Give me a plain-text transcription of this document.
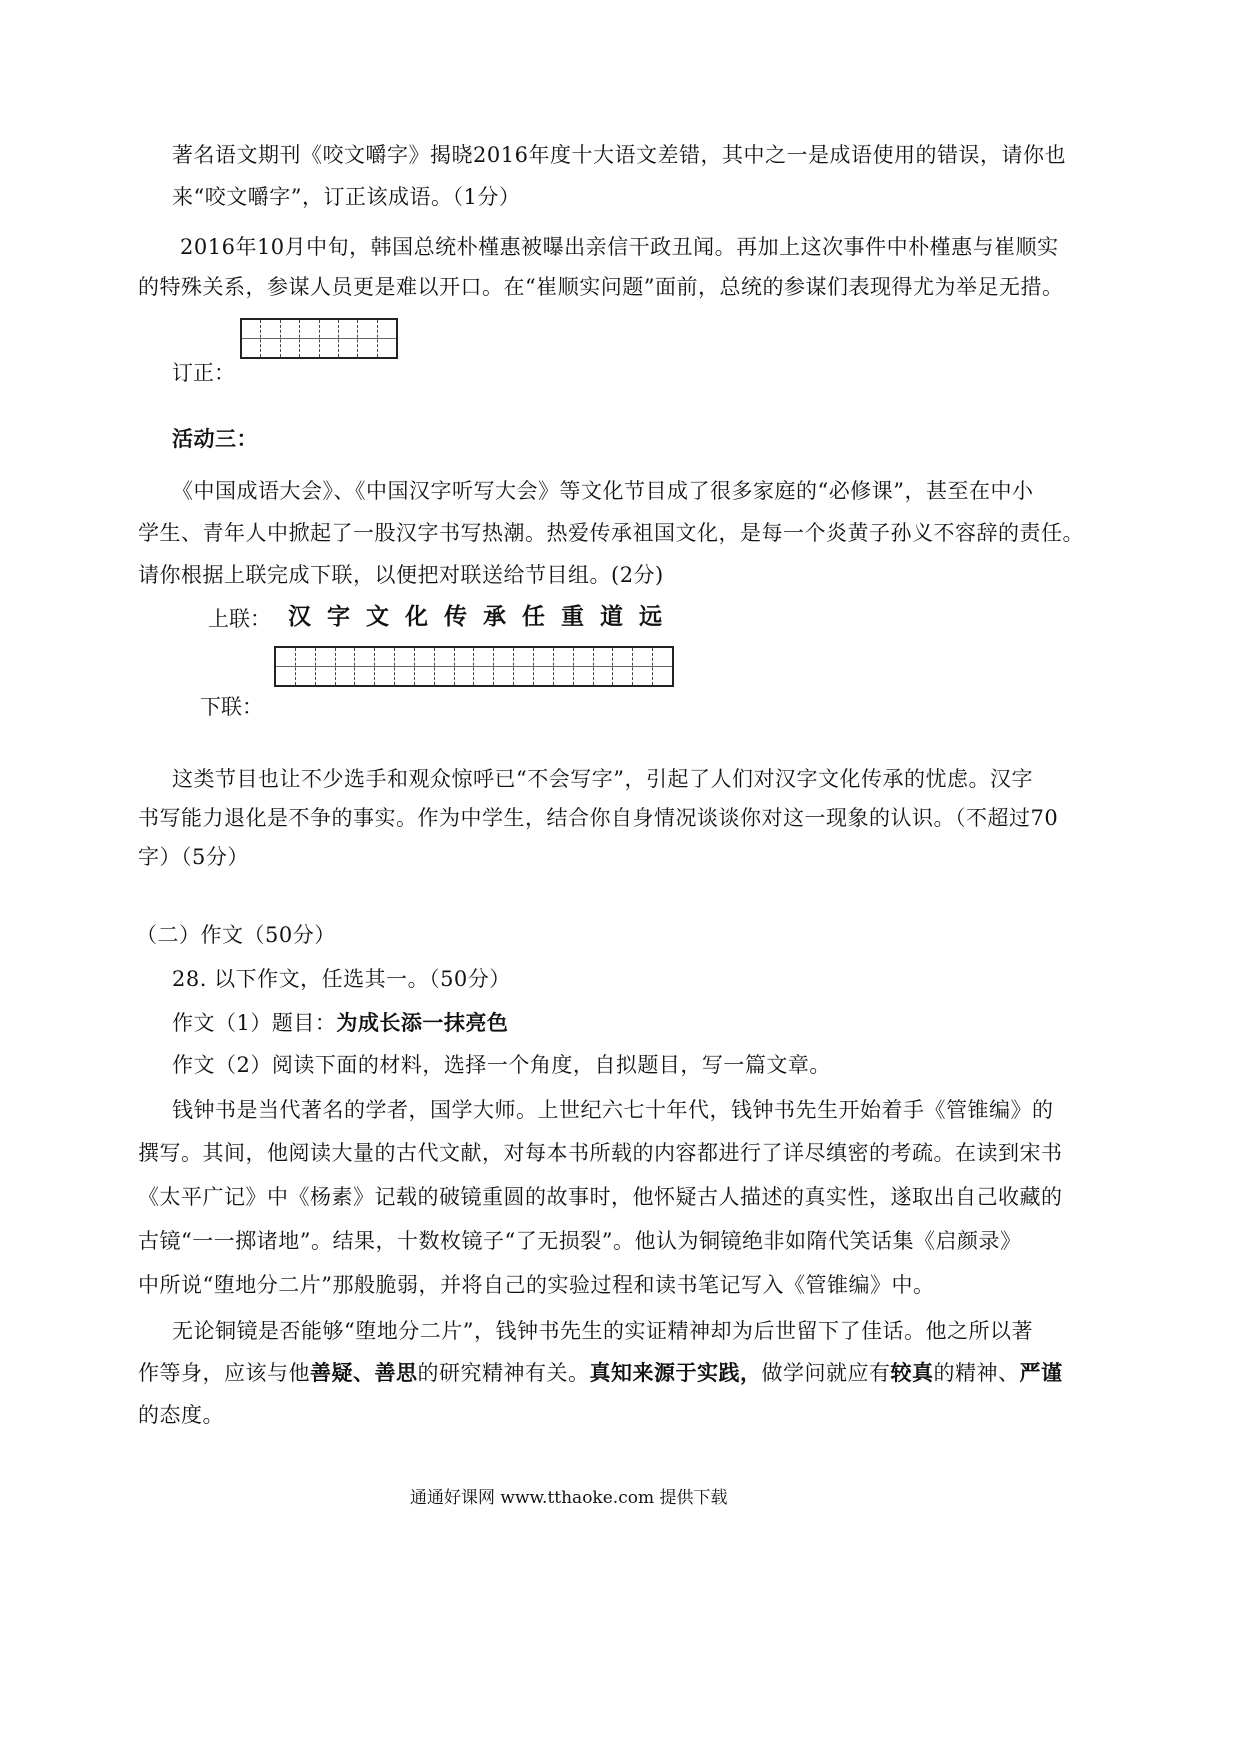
著名语文期刊《咬文嚼字》揭晓2016年度十大语文差错，其中之一是成语使用的错误，请你也
来“咬文嚼字”，订正该成语。（1分）
2016年10月中旬，韩国总统朴槿惠被曝出亲信干政丑闻。再加上这次事件中朴槿惠与崔顺实
的特殊关系，参谋人员更是难以开口。在“崔顺实问题”面前，总统的参谋们表现得尤为举足无措。
订正：
活动三：
《中国成语大会》、《中国汉字听写大会》等文化节目成了很多家庭的“必修课”，甚至在中小
学生、青年人中掀起了一股汉字书写热潮。热爱传承祖国文化，是每一个炎黄子孙义不容辞的责任。
请你根据上联完成下联，以便把对联送给节目组。(2分)
上联： 汉 字 文 化 传 承 任 重 道 远
下联：
这类节目也让不少选手和观众惊呼已“不会写字”，引起了人们对汉字文化传承的忧虑。汉字
书写能力退化是不争的事实。作为中学生，结合你自身情况谈谈你对这一现象的认识。（不超过70
字）（5分）
（二）作文（50分）
28. 以下作文，任选其一。（50分）
作文（1）题目：为成长添一抹亮色
作文（2）阅读下面的材料，选择一个角度，自拟题目，写一篇文章。
钱钟书是当代著名的学者，国学大师。上世纪六七十年代，钱钟书先生开始着手《管锥编》的
撰写。其间，他阅读大量的古代文献，对每本书所载的内容都进行了详尽缜密的考疏。在读到宋书
《太平广记》中《杨素》记载的破镜重圆的故事时，他怀疑古人描述的真实性，遂取出自己收藏的
古镜“一一掷诸地”。结果，十数枚镜子“了无损裂”。他认为铜镜绝非如隋代笑话集《启颜录》
中所说“堕地分二片”那般脆弱，并将自己的实验过程和读书笔记写入《管锥编》中。
无论铜镜是否能够“堕地分二片”，钱钟书先生的实证精神却为后世留下了佳话。他之所以著
作等身，应该与他善疑、善思的研究精神有关。真知来源于实践，做学问就应有较真的精神、严谨
的态度。
通通好课网 www.tthaoke.com 提供下载
